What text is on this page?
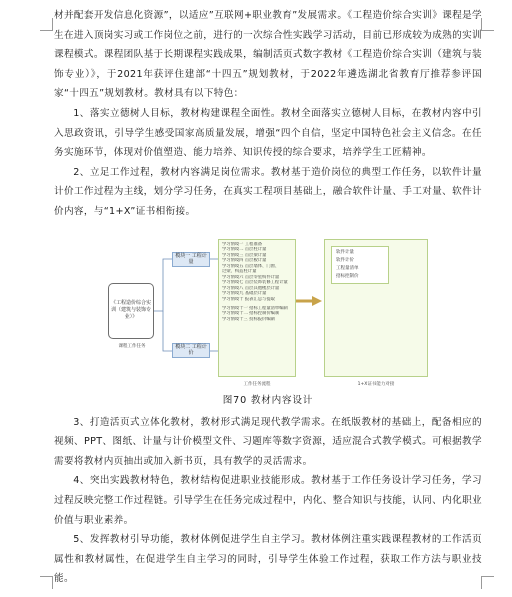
材并配套开发信息化资源”，以适应”互联网+职业教育”发展需求。《工程造价综合实训》课程是学生在进入顶岗实习或工作岗位之前，进行的一次综合性实践学习活动，目前已形成较为成熟的实训课程模式。课程团队基于长期课程实践成果，编制活页式数字教材《工程造价综合实训（建筑与装饰专业）》，于2021年获评住建部“十四五”规划教材，于2022年遴选湖北省教育厅推荐参评国家“十四五”规划教材。教材具有以下特色：

1、落实立德树人目标，教材构建课程全面性。教材全面落实立德树人目标，在教材内容中引入思政资讯，引导学生感受国家高质量发展，增强“四个自信，坚定中国特色社会主义信念。在任务实施环节，体现对价值塑造、能力培养、知识传授的综合要求，培养学生工匠精神。

2、立足工作过程，教材内容满足岗位需求。教材基于造价岗位的典型工作任务，以软件计量计价工作过程为主线，划分学习任务，在真实工程项目基础上，融合软件计量、手工对量、软件计价内容，与“1+X”证书相衔接。

《工程造价综合实训（建筑与装饰专业）》
课程工作任务
模块一 工程计量
模块二 工程计价
学习情境一 工程准备
学习情境二 首层柱计量
学习情境三 首层梁计量
学习情境四 首层板计量
学习情境五 首层墙体、门窗、
过梁、构造柱计量
学习情境六 首层零星构件计量
学习情境七 首层装饰装修工程计量
学习情境八 首层其他楼层计量
学习情境九 基础层计量
学习情境十 报表汇总与提取
学习情境十一 招标工程量清单编制
学习情境十二 招标控制价编制
学习情境十三 投标报价编制
软件计量
软件计价
工程量清单
招标控制价
工作任务流程	1+X证书能力对接
图70 教材内容设计

3、打造活页式立体化教材，教材形式满足现代教学需求。在纸版教材的基础上，配备相应的视频、PPT、图纸、计量与计价模型文件、习题库等数字资源，适应混合式教学模式。可根据教学需要将教材内页抽出或加入新书页，具有教学的灵活需求。

4、突出实践教材特色，教材结构促进职业技能形成。教材基于工作任务设计学习任务，学习过程反映完整工作过程链。引导学生在任务完成过程中，内化、整合知识与技能，认同、内化职业价值与职业素养。

5、发挥教材引导功能，教材体例促进学生自主学习。教材体例注重实践课程教材的工作活页属性和教材属性，在促进学生自主学习的同时，引导学生体验工作过程，获取工作方法与职业技能。
